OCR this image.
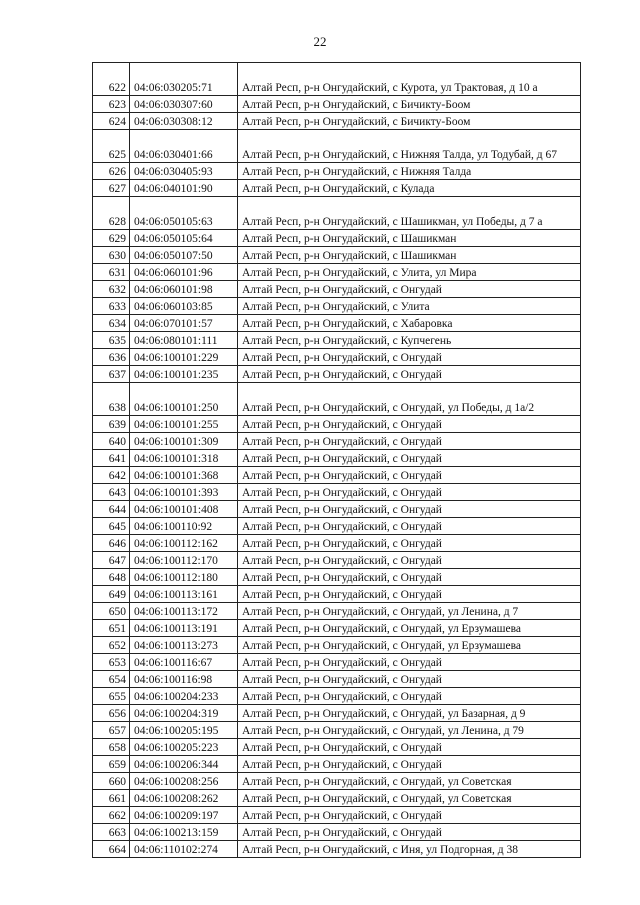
22
622	04:06:030205:71	Алтай Респ, р-н Онгудайский, с Курота, ул Трактовая, д 10 а
623	04:06:030307:60	Алтай Респ, р-н Онгудайский, с Бичикту-Боом
624	04:06:030308:12	Алтай Респ, р-н Онгудайский, с Бичикту-Боом
625	04:06:030401:66	Алтай Респ, р-н Онгудайский, с Нижняя Талда, ул Тодубай, д 67
626	04:06:030405:93	Алтай Респ, р-н Онгудайский, с Нижняя Талда
627	04:06:040101:90	Алтай Респ, р-н Онгудайский, с Кулада
628	04:06:050105:63	Алтай Респ, р-н Онгудайский, с Шашикман, ул Победы, д 7 а
629	04:06:050105:64	Алтай Респ, р-н Онгудайский, с Шашикман
630	04:06:050107:50	Алтай Респ, р-н Онгудайский, с Шашикман
631	04:06:060101:96	Алтай Респ, р-н Онгудайский, с Улита, ул Мира
632	04:06:060101:98	Алтай Респ, р-н Онгудайский, с Онгудай
633	04:06:060103:85	Алтай Респ, р-н Онгудайский, с Улита
634	04:06:070101:57	Алтай Респ, р-н Онгудайский, с Хабаровка
635	04:06:080101:111	Алтай Респ, р-н Онгудайский, с Купчегень
636	04:06:100101:229	Алтай Респ, р-н Онгудайский, с Онгудай
637	04:06:100101:235	Алтай Респ, р-н Онгудайский, с Онгудай
638	04:06:100101:250	Алтай Респ, р-н Онгудайский, с Онгудай, ул Победы, д 1а/2
639	04:06:100101:255	Алтай Респ, р-н Онгудайский, с Онгудай
640	04:06:100101:309	Алтай Респ, р-н Онгудайский, с Онгудай
641	04:06:100101:318	Алтай Респ, р-н Онгудайский, с Онгудай
642	04:06:100101:368	Алтай Респ, р-н Онгудайский, с Онгудай
643	04:06:100101:393	Алтай Респ, р-н Онгудайский, с Онгудай
644	04:06:100101:408	Алтай Респ, р-н Онгудайский, с Онгудай
645	04:06:100110:92	Алтай Респ, р-н Онгудайский, с Онгудай
646	04:06:100112:162	Алтай Респ, р-н Онгудайский, с Онгудай
647	04:06:100112:170	Алтай Респ, р-н Онгудайский, с Онгудай
648	04:06:100112:180	Алтай Респ, р-н Онгудайский, с Онгудай
649	04:06:100113:161	Алтай Респ, р-н Онгудайский, с Онгудай
650	04:06:100113:172	Алтай Респ, р-н Онгудайский, с Онгудай, ул Ленина, д 7
651	04:06:100113:191	Алтай Респ, р-н Онгудайский, с Онгудай, ул Ерзумашева
652	04:06:100113:273	Алтай Респ, р-н Онгудайский, с Онгудай, ул Ерзумашева
653	04:06:100116:67	Алтай Респ, р-н Онгудайский, с Онгудай
654	04:06:100116:98	Алтай Респ, р-н Онгудайский, с Онгудай
655	04:06:100204:233	Алтай Респ, р-н Онгудайский, с Онгудай
656	04:06:100204:319	Алтай Респ, р-н Онгудайский, с Онгудай, ул Базарная, д 9
657	04:06:100205:195	Алтай Респ, р-н Онгудайский, с Онгудай, ул Ленина, д 79
658	04:06:100205:223	Алтай Респ, р-н Онгудайский, с Онгудай
659	04:06:100206:344	Алтай Респ, р-н Онгудайский, с Онгудай
660	04:06:100208:256	Алтай Респ, р-н Онгудайский, с Онгудай, ул Советская
661	04:06:100208:262	Алтай Респ, р-н Онгудайский, с Онгудай, ул Советская
662	04:06:100209:197	Алтай Респ, р-н Онгудайский, с Онгудай
663	04:06:100213:159	Алтай Респ, р-н Онгудайский, с Онгудай
664	04:06:110102:274	Алтай Респ, р-н Онгудайский, с Иня, ул Подгорная, д 38
